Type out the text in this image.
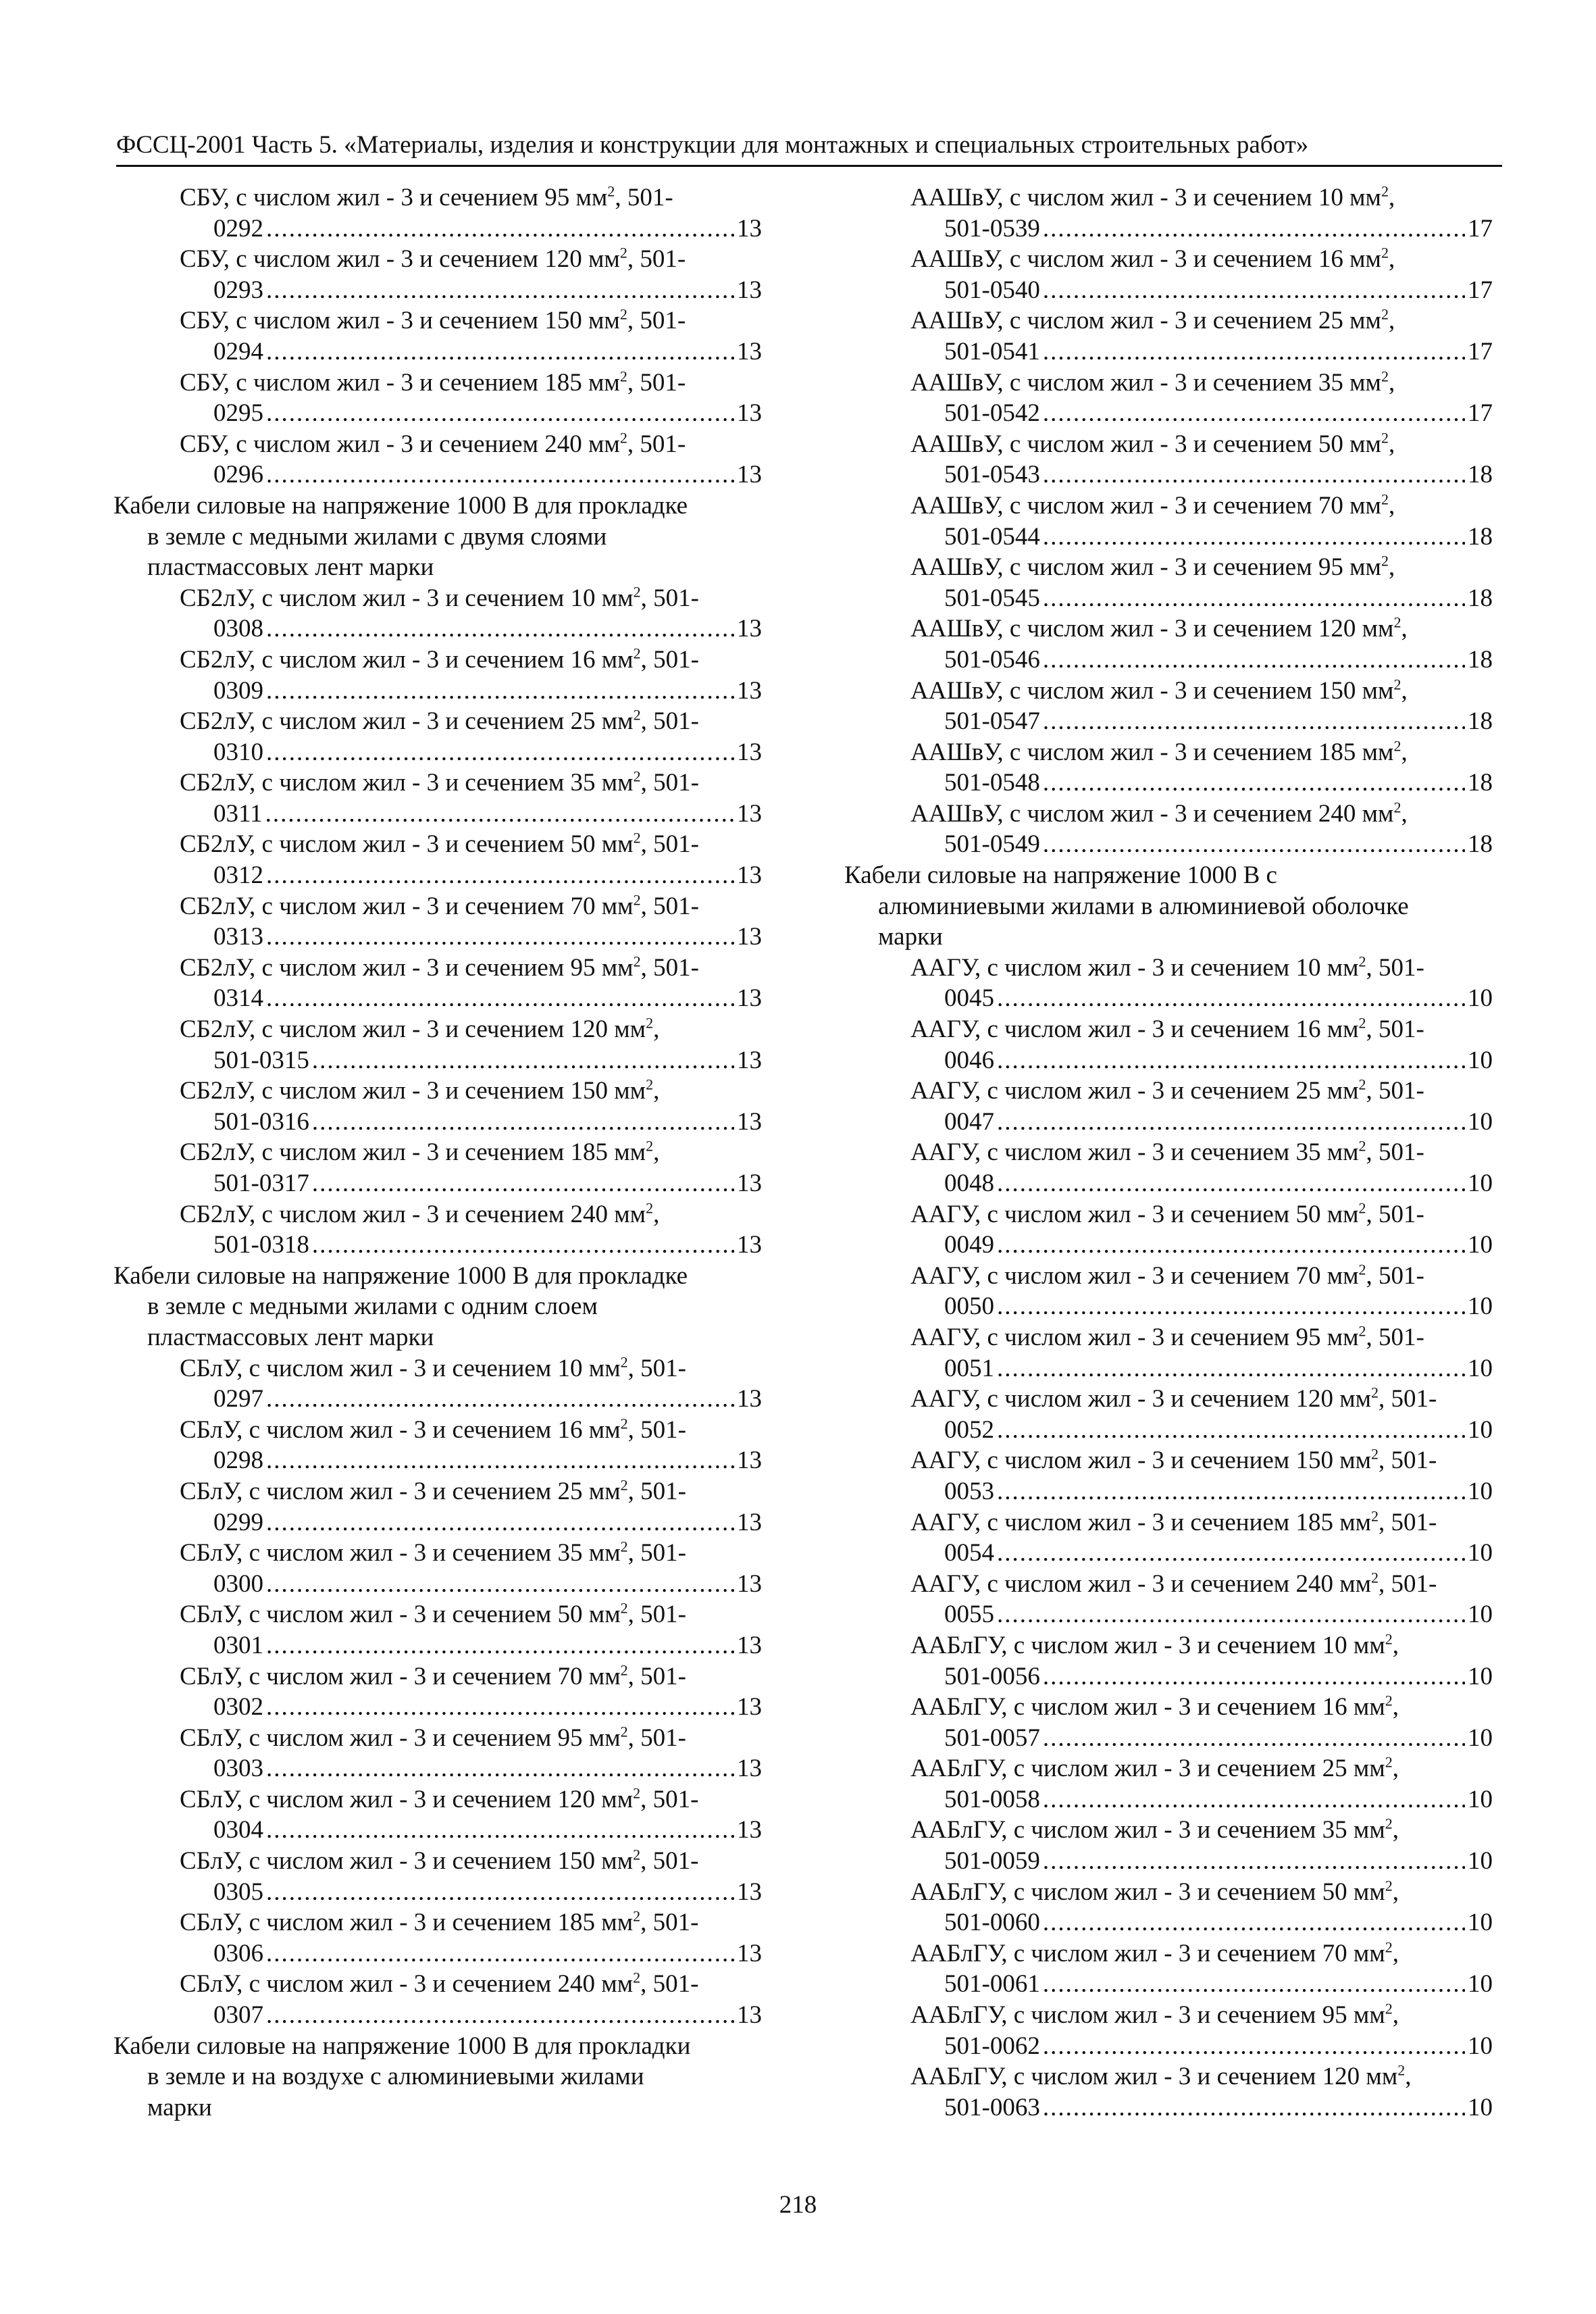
ФССЦ-2001 Часть 5. «Материалы, изделия и конструкции для монтажных и специальных строительных работ»
СБУ, с числом жил - 3 и сечением 95 $мм^2$, 501-
0292 .....	13
СБУ, с числом жил - 3 и сечением 120 $мм^2$, 501-
0293 .....	13
СБУ, с числом жил - 3 и сечением 150 $мм^2$, 501-
0294 .....	13
СБУ, с числом жил - 3 и сечением 185 $мм^2$, 501-
0295 .....	13
СБУ, с числом жил - 3 и сечением 240 $мм^2$, 501-
0296 .....	13
Кабели силовые на напряжение 1000 В для прокладке
в земле с медными жилами с двумя слоями
пластмассовых лент марки
СБ2лУ, с числом жил - 3 и сечением 10 $мм^2$, 501-
0308 .....	13
СБ2лУ, с числом жил - 3 и сечением 16 $мм^2$, 501-
0309 .....	13
СБ2лУ, с числом жил - 3 и сечением 25 $мм^2$, 501-
0310 .....	13
СБ2лУ, с числом жил - 3 и сечением 35 $мм^2$, 501-
0311 .....	13
СБ2лУ, с числом жил - 3 и сечением 50 $мм^2$, 501-
0312 .....	13
СБ2лУ, с числом жил - 3 и сечением 70 $мм^2$, 501-
0313 .....	13
СБ2лУ, с числом жил - 3 и сечением 95 $мм^2$, 501-
0314 .....	13
СБ2лУ, с числом жил - 3 и сечением 120 $мм^2$,
501-0315 .....	13
СБ2лУ, с числом жил - 3 и сечением 150 $мм^2$,
501-0316 .....	13
СБ2лУ, с числом жил - 3 и сечением 185 $мм^2$,
501-0317 .....	13
СБ2лУ, с числом жил - 3 и сечением 240 $мм^2$,
501-0318 .....	13
Кабели силовые на напряжение 1000 В для прокладке
в земле с медными жилами с одним слоем
пластмассовых лент марки
СБлУ, с числом жил - 3 и сечением 10 $мм^2$, 501-
0297 .....	13
СБлУ, с числом жил - 3 и сечением 16 $мм^2$, 501-
0298 .....	13
СБлУ, с числом жил - 3 и сечением 25 $мм^2$, 501-
0299 .....	13
СБлУ, с числом жил - 3 и сечением 35 $мм^2$, 501-
0300 .....	13
СБлУ, с числом жил - 3 и сечением 50 $мм^2$, 501-
0301 .....	13
СБлУ, с числом жил - 3 и сечением 70 $мм^2$, 501-
0302 .....	13
СБлУ, с числом жил - 3 и сечением 95 $мм^2$, 501-
0303 .....	13
СБлУ, с числом жил - 3 и сечением 120 $мм^2$, 501-
0304 .....	13
СБлУ, с числом жил - 3 и сечением 150 $мм^2$, 501-
0305 .....	13
СБлУ, с числом жил - 3 и сечением 185 $мм^2$, 501-
0306 .....	13
СБлУ, с числом жил - 3 и сечением 240 $мм^2$, 501-
0307 .....	13
Кабели силовые на напряжение 1000 В для прокладки
в земле и на воздухе с алюминиевыми жилами
марки
ААШвУ, с числом жил - 3 и сечением 10 $мм^2$,
501-0539 .....	17
ААШвУ, с числом жил - 3 и сечением 16 $мм^2$,
501-0540 .....	17
ААШвУ, с числом жил - 3 и сечением 25 $мм^2$,
501-0541 .....	17
ААШвУ, с числом жил - 3 и сечением 35 $мм^2$,
501-0542 .....	17
ААШвУ, с числом жил - 3 и сечением 50 $мм^2$,
501-0543 .....	18
ААШвУ, с числом жил - 3 и сечением 70 $мм^2$,
501-0544 .....	18
ААШвУ, с числом жил - 3 и сечением 95 $мм^2$,
501-0545 .....	18
ААШвУ, с числом жил - 3 и сечением 120 $мм^2$,
501-0546 .....	18
ААШвУ, с числом жил - 3 и сечением 150 $мм^2$,
501-0547 .....	18
ААШвУ, с числом жил - 3 и сечением 185 $мм^2$,
501-0548 .....	18
ААШвУ, с числом жил - 3 и сечением 240 $мм^2$,
501-0549 .....	18
Кабели силовые на напряжение 1000 В с
алюминиевыми жилами в алюминиевой оболочке
марки
ААГУ, с числом жил - 3 и сечением 10 $мм^2$, 501-
0045 .....	10
ААГУ, с числом жил - 3 и сечением 16 $мм^2$, 501-
0046 .....	10
ААГУ, с числом жил - 3 и сечением 25 $мм^2$, 501-
0047 .....	10
ААГУ, с числом жил - 3 и сечением 35 $мм^2$, 501-
0048 .....	10
ААГУ, с числом жил - 3 и сечением 50 $мм^2$, 501-
0049 .....	10
ААГУ, с числом жил - 3 и сечением 70 $мм^2$, 501-
0050 .....	10
ААГУ, с числом жил - 3 и сечением 95 $мм^2$, 501-
0051 .....	10
ААГУ, с числом жил - 3 и сечением 120 $мм^2$, 501-
0052 .....	10
ААГУ, с числом жил - 3 и сечением 150 $мм^2$, 501-
0053 .....	10
ААГУ, с числом жил - 3 и сечением 185 $мм^2$, 501-
0054 .....	10
ААГУ, с числом жил - 3 и сечением 240 $мм^2$, 501-
0055 .....	10
ААБлГУ, с числом жил - 3 и сечением 10 $мм^2$,
501-0056 .....	10
ААБлГУ, с числом жил - 3 и сечением 16 $мм^2$,
501-0057 .....	10
ААБлГУ, с числом жил - 3 и сечением 25 $мм^2$,
501-0058 .....	10
ААБлГУ, с числом жил - 3 и сечением 35 $мм^2$,
501-0059 .....	10
ААБлГУ, с числом жил - 3 и сечением 50 $мм^2$,
501-0060 .....	10
ААБлГУ, с числом жил - 3 и сечением 70 $мм^2$,
501-0061 .....	10
ААБлГУ, с числом жил - 3 и сечением 95 $мм^2$,
501-0062 .....	10
ААБлГУ, с числом жил - 3 и сечением 120 $мм^2$,
501-0063 .....	10
218
